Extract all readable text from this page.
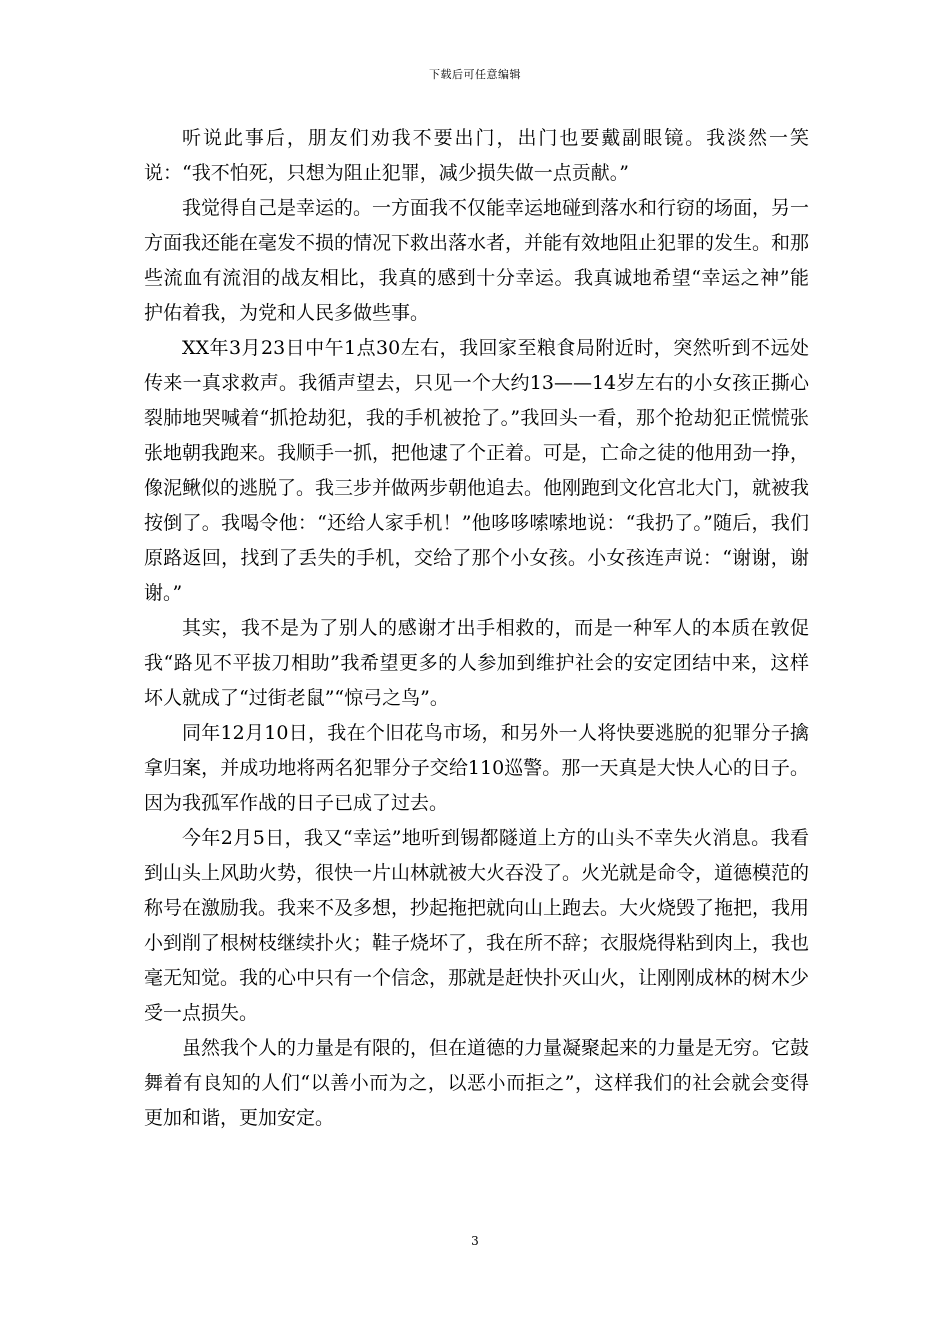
下载后可任意编辑

听说此事后，朋友们劝我不要出门，出门也要戴副眼镜。我淡然一笑说：“我不怕死，只想为阻止犯罪，减少损失做一点贡献。”

我觉得自己是幸运的。一方面我不仅能幸运地碰到落水和行窃的场面，另一方面我还能在毫发不损的情况下救出落水者，并能有效地阻止犯罪的发生。和那些流血有流泪的战友相比，我真的感到十分幸运。我真诚地希望“幸运之神”能护佑着我，为党和人民多做些事。

XX年3月23日中午1点30左右，我回家至粮食局附近时，突然听到不远处传来一真求救声。我循声望去，只见一个大约13——14岁左右的小女孩正撕心裂肺地哭喊着“抓抢劫犯，我的手机被抢了。”我回头一看，那个抢劫犯正慌慌张张地朝我跑来。我顺手一抓，把他逮了个正着。可是，亡命之徒的他用劲一挣，像泥鳅似的逃脱了。我三步并做两步朝他追去。他刚跑到文化宫北大门，就被我按倒了。我喝令他：“还给人家手机！”他哆哆嗦嗦地说：“我扔了。”随后，我们原路返回，找到了丢失的手机，交给了那个小女孩。小女孩连声说：“谢谢，谢谢。”

其实，我不是为了别人的感谢才出手相救的，而是一种军人的本质在敦促我“路见不平拔刀相助”我希望更多的人参加到维护社会的安定团结中来，这样坏人就成了“过街老鼠”“惊弓之鸟”。

同年12月10日，我在个旧花鸟市场，和另外一人将快要逃脱的犯罪分子擒拿归案，并成功地将两名犯罪分子交给110巡警。那一天真是大快人心的日子。因为我孤军作战的日子已成了过去。

今年2月5日，我又“幸运”地听到锡都隧道上方的山头不幸失火消息。我看到山头上风助火势，很快一片山林就被大火吞没了。火光就是命令，道德模范的称号在激励我。我来不及多想，抄起拖把就向山上跑去。大火烧毁了拖把，我用小到削了根树枝继续扑火；鞋子烧坏了，我在所不辞；衣服烧得粘到肉上，我也毫无知觉。我的心中只有一个信念，那就是赶快扑灭山火，让刚刚成林的树木少受一点损失。

虽然我个人的力量是有限的，但在道德的力量凝聚起来的力量是无穷。它鼓舞着有良知的人们“以善小而为之，以恶小而拒之”，这样我们的社会就会变得更加和谐，更加安定。

3
